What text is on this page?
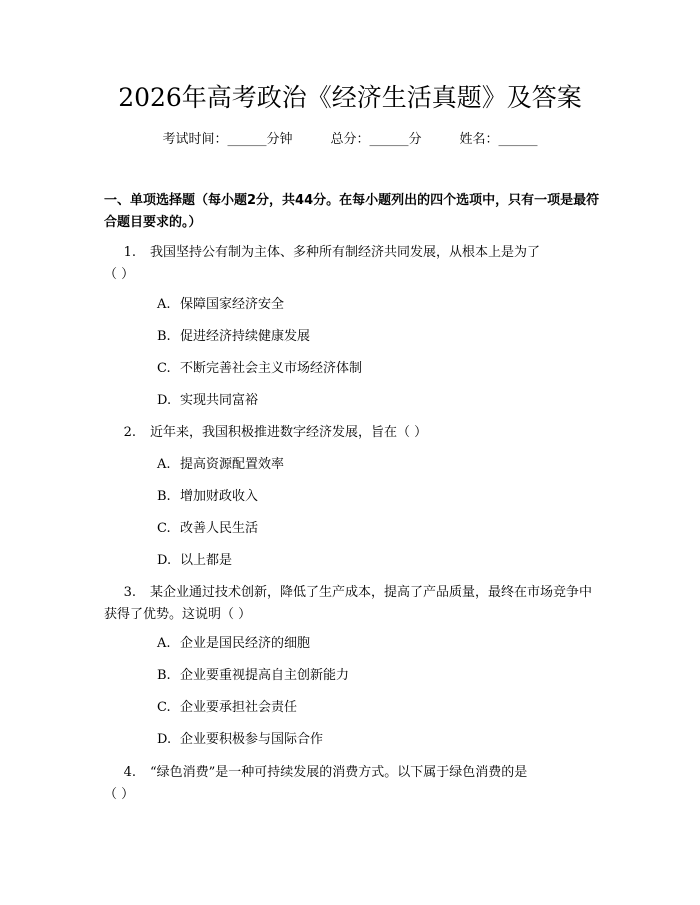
2026年高考政治《经济生活真题》及答案
考试时间：______分钟	总分：______分	姓名：______
一、单项选择题（每小题2分，共44分。在每小题列出的四个选项中，只有一项是最符合题目要求的。）
1. 我国坚持公有制为主体、多种所有制经济共同发展，从根本上是为了
（ ）
A. 保障国家经济安全
B. 促进经济持续健康发展
C. 不断完善社会主义市场经济体制
D. 实现共同富裕
2. 近年来，我国积极推进数字经济发展，旨在（ ）
A. 提高资源配置效率
B. 增加财政收入
C. 改善人民生活
D. 以上都是
3. 某企业通过技术创新，降低了生产成本，提高了产品质量，最终在市场竞争中获得了优势。这说明（ ）
A. 企业是国民经济的细胞
B. 企业要重视提高自主创新能力
C. 企业要承担社会责任
D. 企业要积极参与国际合作
4. “绿色消费”是一种可持续发展的消费方式。以下属于绿色消费的是
（ ）
